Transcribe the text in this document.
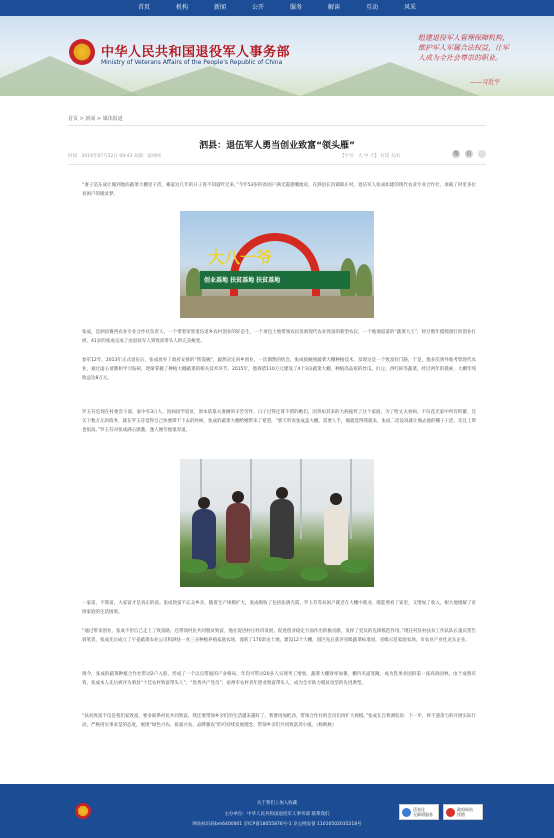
首页	机构	新闻	公开	服务	解读	互动	风采
中华人民共和国退役军人事务部
Ministry of Veterans Affairs of the People's Republic of China
组建退役军人管理保障机构，维护军人军属合法权益，让军人成为全社会尊崇的职业。
——习近平
首页 > 新闻 > 媒体报道
泗县：退伍军人勇当创业致富“领头雁”
时间：2019年07月22日 09:43 来源：宿州网	【字号：大 中 小】 打印 关闭	微	信
“妻子是东成让俺到他的蔬菜大棚里干活，俺家这几年的日子真不知道咋过来，”今年53岁的贫困户满光霞感慨地说。在泗县长沟镇联庄村，退伍军人张成如建的现代农业专业合作社，承载了村里多位贫困户的脱贫梦。
大八一爷
创业基地 扶贫基地 扶贫基地
张成，是泗县赛西农业专业合作社负责人，一个带着荣誉退伍返乡农村创业的好态生，一个承包土地带领农民发展现代农业致富的新型农民，一个地地道道的“蔬菜大王”，经过数年摸爬滚打的创业打拼，41岁的张成完成了由退役军人到致富带头人的完美蜕变。
参军12年，2013年正式退伍后，张成放弃了政府安排的“铁饭碗”，毅然决定回乡创业，一次偶然的机会，张成接触到蔬菜大棚种植技术，发现这是一个致富好门路，于是，他多次到外地考察现代农业，通过虚心请教和学习钻研，逐渐掌握了种植大棚蔬菜的相关技术环节。2015年，他筹措110万元建设了4个3亩蔬菜大棚，种植高品质的丝瓜、豇豆、西红柿等蔬菜，经过两年的摸索，大棚年纯收益达8万元。
罗玉芬是现在村委会干部，家中有3口人，因病因学返贫，原本依靠夫妻俩的辛苦劳作，日子过得还算不错的她们，因突如其来的大病拖垮了这个家庭，为了给丈夫看病，不仅花光家中所有积蓄，还欠下数万元的债务，就在罗玉芬觉得自己快要撑不下去的时候，张成的蔬菜大棚给她带来了希望，“那天听说张成盖大棚，需要人手，俺就觉得我就来，张成二话没说就让俺去他的棚子干活，差且工资也很高。”罗玉芬对张成满心感激，逢人便夸他很厚道。
一家富，不算富，大家富才是真正的富。张成致富不忘众乡亲，随着生产规模扩大，张成吸收了包括张满光霞、罗玉芬等贫困户就近在大棚中就业，既能照看了家里，又增加了收入，根大地缓解了贫困家庭的生活困境。
“通过带来创业，张成不但自己走上了致富路，还带领村民共同脱贫致富，他在促进村庄经济发展、促进创业稳定方面作出积极贡献，发挥了党员的先锋模范作用。”现任村驻村扶贫工作队队长童庆贺告诉笔者，张成先后成立了宇姜蔬菜农业公司和泗县一食三分种植养殖家庭农场，流转了170余亩土地，建设12个大棚，园区先后获评省级蔬菜标准园，省级示范家庭农场，市农业产业化龙头企业。
现今，张成的蔬菜种植合作社带动2户入股，形成了一个以点带面的产业格局，年均可带动20多人实现务工增收，蔬菜大棚效率加番，棚内夹道宽敞，成为乳果业园的第一座高效园林，由于成熟有效，张成本人先后被评为泗县“十佳农村致富带头人”、“优秀共产党员”，宿州市农村青年创业致富带头人，成为全市助力脱贫攻坚的先进典型。
“扶贫致富不仅是我们家致富，要多联系村民共同致富，我还要带领乡亲们的生活越来越好了，我要再加把劲，带领合作社的会员们再扩大规模。”张成在自我调侃说：下一步，将不遗余力的开展实际行动，严格用实事求是的态度，展现“绿色兴农、质量兴农、品牌强农”的可持续发展理念，带领乡亲们共同致富奔小康。（杨秋秋）
关于我们 | 加入收藏
主办单位：中华人民共和国退役军人事务部 联系我们
网站标识码bm6400001 京ICP备18055876号-1 京公网安备 11010502035218号
适老化
无障碍服务
政府网站
找错
